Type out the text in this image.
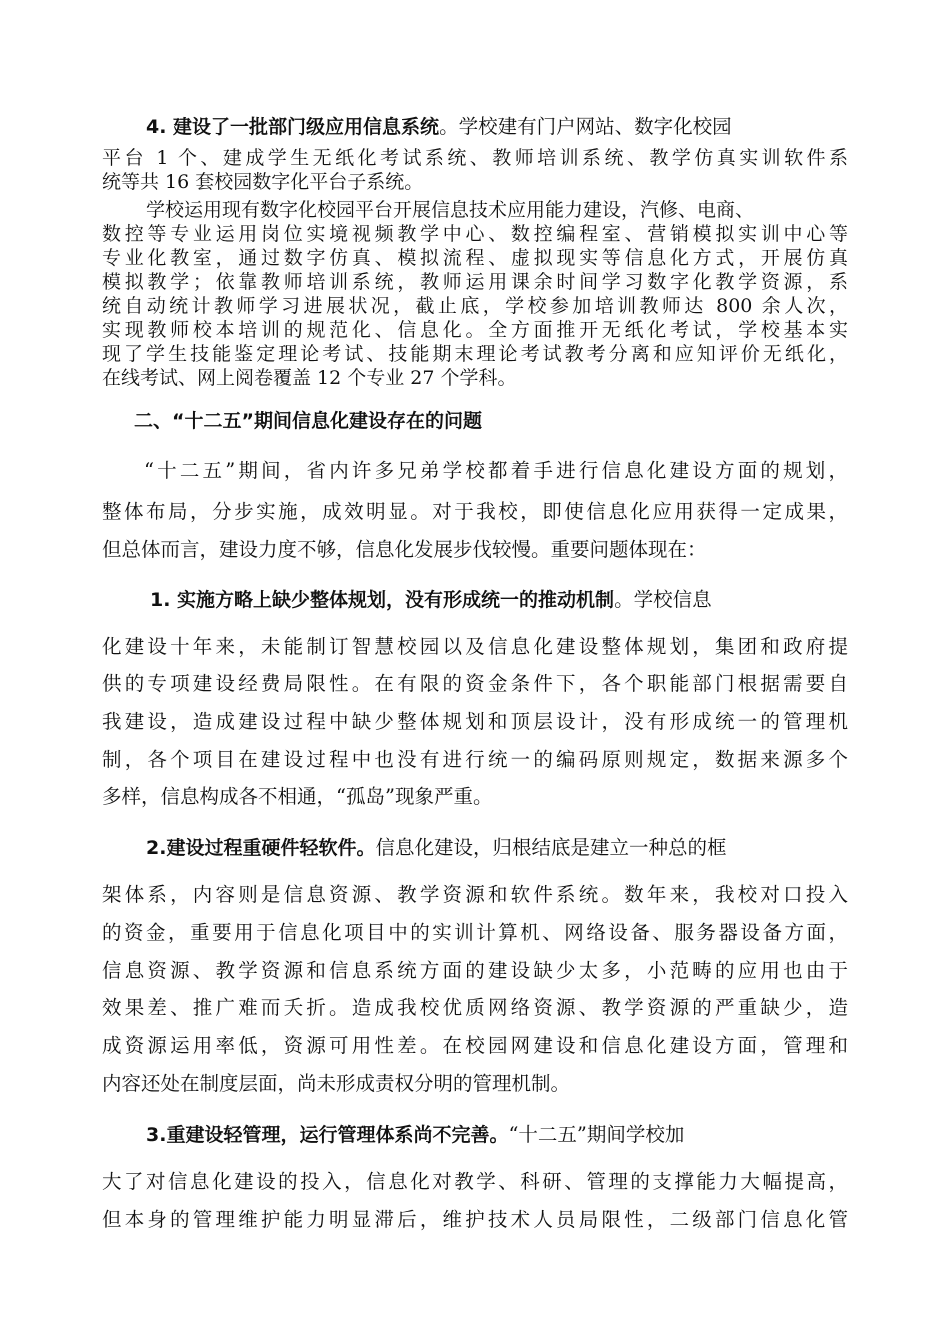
4. 建设了一批部门级应用信息系统。学校建有门户网站、数字化校园
平台 1 个、建成学生无纸化考试系统、教师培训系统、教学仿真实训软件系
统等共 16 套校园数字化平台子系统。
学校运用现有数字化校园平台开展信息技术应用能力建设，汽修、电商、
数控等专业运用岗位实境视频教学中心、数控编程室、营销模拟实训中心等
专业化教室，通过数字仿真、模拟流程、虚拟现实等信息化方式，开展仿真
模拟教学；依靠教师培训系统，教师运用课余时间学习数字化教学资源，系
统自动统计教师学习进展状况，截止底，学校参加培训教师达 800 余人次，
实现教师校本培训的规范化、信息化。全方面推开无纸化考试，学校基本实
现了学生技能鉴定理论考试、技能期末理论考试教考分离和应知评价无纸化，
在线考试、网上阅卷覆盖 12 个专业 27 个学科。
二、“十二五”期间信息化建设存在的问题
“十二五”期间，省内许多兄弟学校都着手进行信息化建设方面的规划，
整体布局，分步实施，成效明显。对于我校，即使信息化应用获得一定成果，
但总体而言，建设力度不够，信息化发展步伐较慢。重要问题体现在：
1. 实施方略上缺少整体规划，没有形成统一的推动机制。学校信息
化建设十年来，未能制订智慧校园以及信息化建设整体规划，集团和政府提
供的专项建设经费局限性。在有限的资金条件下，各个职能部门根据需要自
我建设，造成建设过程中缺少整体规划和顶层设计，没有形成统一的管理机
制，各个项目在建设过程中也没有进行统一的编码原则规定，数据来源多个
多样，信息构成各不相通，“孤岛”现象严重。
2.建设过程重硬件轻软件。信息化建设，归根结底是建立一种总的框
架体系，内容则是信息资源、教学资源和软件系统。数年来，我校对口投入
的资金，重要用于信息化项目中的实训计算机、网络设备、服务器设备方面，
信息资源、教学资源和信息系统方面的建设缺少太多，小范畴的应用也由于
效果差、推广难而夭折。造成我校优质网络资源、教学资源的严重缺少，造
成资源运用率低，资源可用性差。在校园网建设和信息化建设方面，管理和
内容还处在制度层面，尚未形成责权分明的管理机制。
3.重建设轻管理，运行管理体系尚不完善。“十二五”期间学校加
大了对信息化建设的投入，信息化对教学、科研、管理的支撑能力大幅提高，
但本身的管理维护能力明显滞后，维护技术人员局限性，二级部门信息化管
